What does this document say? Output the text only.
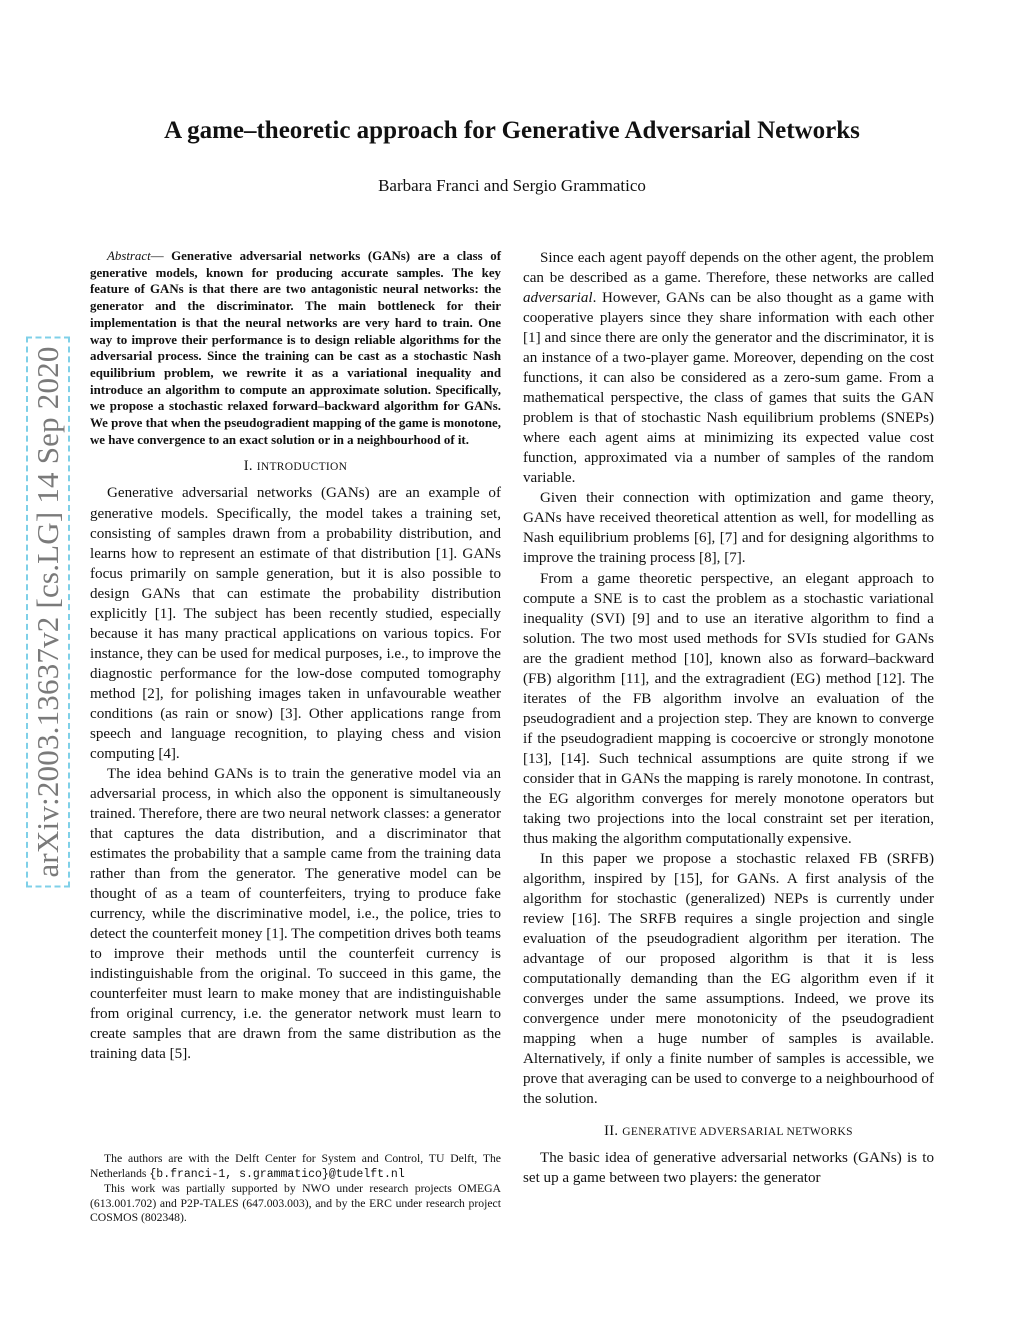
arXiv:2003.13637v2 [cs.LG] 14 Sep 2020
A game–theoretic approach for Generative Adversarial Networks
Barbara Franci and Sergio Grammatico

Abstract— Generative adversarial networks (GANs) are a class of generative models, known for producing accurate samples. The key feature of GANs is that there are two antagonistic neural networks: the generator and the discriminator. The main bottleneck for their implementation is that the neural networks are very hard to train. One way to improve their performance is to design reliable algorithms for the adversarial process. Since the training can be cast as a stochastic Nash equilibrium problem, we rewrite it as a variational inequality and introduce an algorithm to compute an approximate solution. Specifically, we propose a stochastic relaxed forward–backward algorithm for GANs. We prove that when the pseudogradient mapping of the game is monotone, we have convergence to an exact solution or in a neighbourhood of it.

I. INTRODUCTION

Generative adversarial networks (GANs) are an example of generative models. Specifically, the model takes a training set, consisting of samples drawn from a probability distribution, and learns how to represent an estimate of that distribution [1]. GANs focus primarily on sample generation, but it is also possible to design GANs that can estimate the probability distribution explicitly [1]. The subject has been recently studied, especially because it has many practical applications on various topics. For instance, they can be used for medical purposes, i.e., to improve the diagnostic performance for the low-dose computed tomography method [2], for polishing images taken in unfavourable weather conditions (as rain or snow) [3]. Other applications range from speech and language recognition, to playing chess and vision computing [4].

The idea behind GANs is to train the generative model via an adversarial process, in which also the opponent is simultaneously trained. Therefore, there are two neural network classes: a generator that captures the data distribution, and a discriminator that estimates the probability that a sample came from the training data rather than from the generator. The generative model can be thought of as a team of counterfeiters, trying to produce fake currency, while the discriminative model, i.e., the police, tries to detect the counterfeit money [1]. The competition drives both teams to improve their methods until the counterfeit currency is indistinguishable from the original. To succeed in this game, the counterfeiter must learn to make money that are indistinguishable from original currency, i.e. the generator network must learn to create samples that are drawn from the same distribution as the training data [5].

Since each agent payoff depends on the other agent, the problem can be described as a game. Therefore, these networks are called adversarial. However, GANs can be also thought as a game with cooperative players since they share information with each other [1] and since there are only the generator and the discriminator, it is an instance of a two-player game. Moreover, depending on the cost functions, it can also be considered as a zero-sum game. From a mathematical perspective, the class of games that suits the GAN problem is that of stochastic Nash equilibrium problems (SNEPs) where each agent aims at minimizing its expected value cost function, approximated via a number of samples of the random variable.

Given their connection with optimization and game theory, GANs have received theoretical attention as well, for modelling as Nash equilibrium problems [6], [7] and for designing algorithms to improve the training process [8], [7].

From a game theoretic perspective, an elegant approach to compute a SNE is to cast the problem as a stochastic variational inequality (SVI) [9] and to use an iterative algorithm to find a solution. The two most used methods for SVIs studied for GANs are the gradient method [10], known also as forward–backward (FB) algorithm [11], and the extragradient (EG) method [12]. The iterates of the FB algorithm involve an evaluation of the pseudogradient and a projection step. They are known to converge if the pseudogradient mapping is cocoercive or strongly monotone [13], [14]. Such technical assumptions are quite strong if we consider that in GANs the mapping is rarely monotone. In contrast, the EG algorithm converges for merely monotone operators but taking two projections into the local constraint set per iteration, thus making the algorithm computationally expensive.

In this paper we propose a stochastic relaxed FB (SRFB) algorithm, inspired by [15], for GANs. A first analysis of the algorithm for stochastic (generalized) NEPs is currently under review [16]. The SRFB requires a single projection and single evaluation of the pseudogradient algorithm per iteration. The advantage of our proposed algorithm is that it is less computationally demanding than the EG algorithm even if it converges under the same assumptions. Indeed, we prove its convergence under mere monotonicity of the pseudogradient mapping when a huge number of samples is available. Alternatively, if only a finite number of samples is accessible, we prove that averaging can be used to converge to a neighbourhood of the solution.

II. GENERATIVE ADVERSARIAL NETWORKS

The basic idea of generative adversarial networks (GANs) is to set up a game between two players: the generator

The authors are with the Delft Center for System and Control, TU Delft, The Netherlands {b.franci-1, s.grammatico}@tudelft.nl

This work was partially supported by NWO under research projects OMEGA (613.001.702) and P2P-TALES (647.003.003), and by the ERC under research project COSMOS (802348).
